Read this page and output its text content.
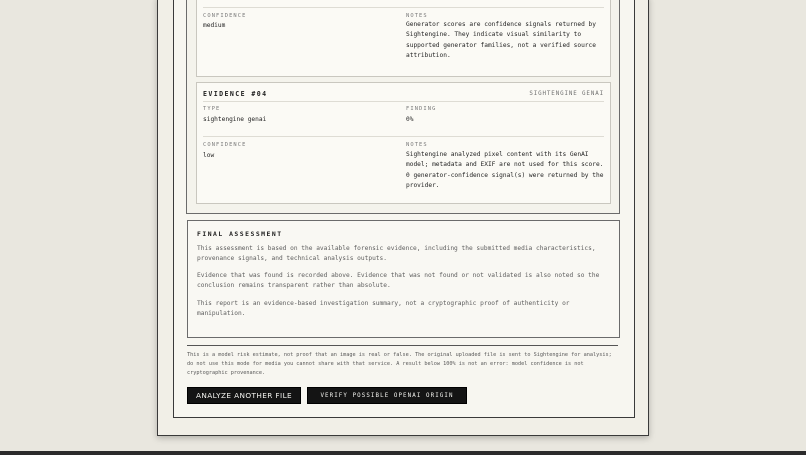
CONFIDENCE
medium
NOTES
Generator scores are confidence signals returned by Sightengine. They indicate visual similarity to supported generator families, not a verified source attribution.
EVIDENCE #04	SIGHTENGINE GENAI
TYPE
sightengine genai
FINDING
0%
CONFIDENCE
low
NOTES
Sightengine analyzed pixel content with its GenAI model; metadata and EXIF are not used for this score. 0 generator-confidence signal(s) were returned by the provider.
FINAL ASSESSMENT
This assessment is based on the available forensic evidence, including the submitted media characteristics, provenance signals, and technical analysis outputs.
Evidence that was found is recorded above. Evidence that was not found or not validated is also noted so the conclusion remains transparent rather than absolute.
This report is an evidence-based investigation summary, not a cryptographic proof of authenticity or manipulation.
This is a model risk estimate, not proof that an image is real or false. The original uploaded file is sent to Sightengine for analysis; do not use this mode for media you cannot share with that service. A result below 100% is not an error: model confidence is not cryptographic provenance.
ANALYZE ANOTHER FILE	VERIFY POSSIBLE OPENAI ORIGIN
